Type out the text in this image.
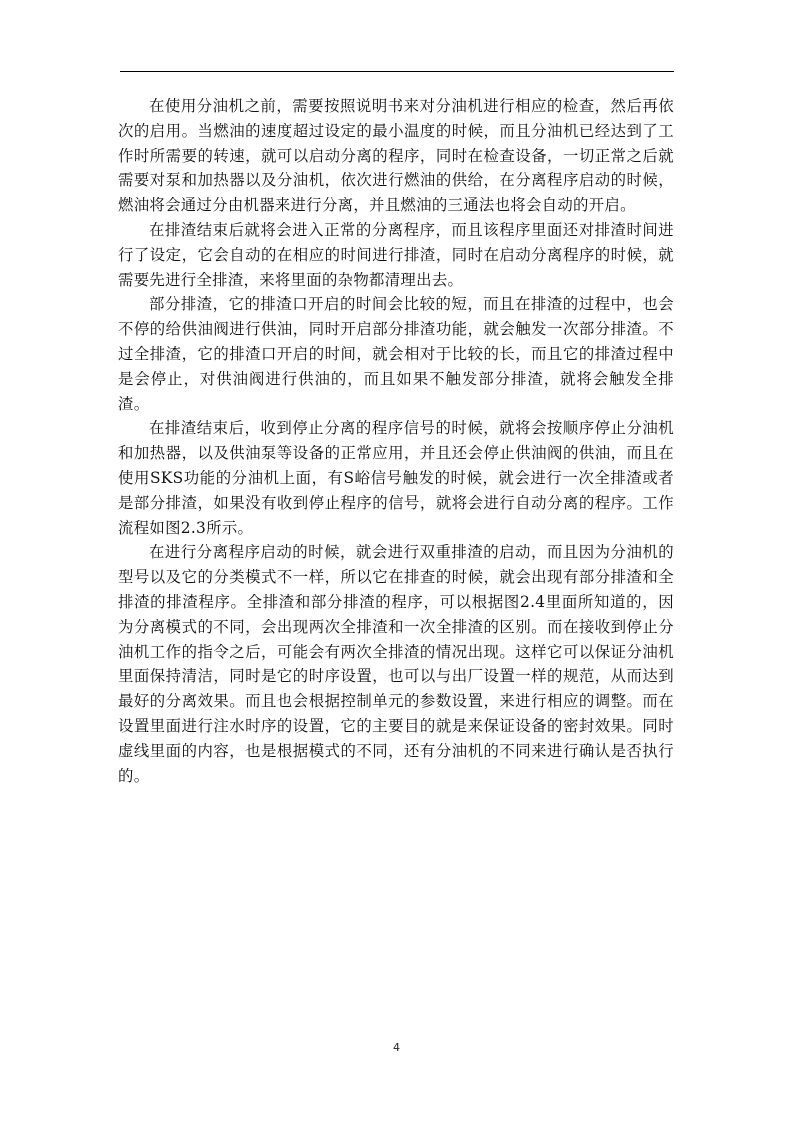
在使用分油机之前，需要按照说明书来对分油机进行相应的检查，然后再依次的启用。当燃油的速度超过设定的最小温度的时候，而且分油机已经达到了工作时所需要的转速，就可以启动分离的程序，同时在检查设备，一切正常之后就需要对泵和加热器以及分油机，依次进行燃油的供给，在分离程序启动的时候，燃油将会通过分由机器来进行分离，并且燃油的三通法也将会自动的开启。

在排渣结束后就将会进入正常的分离程序，而且该程序里面还对排渣时间进行了设定，它会自动的在相应的时间进行排渣，同时在启动分离程序的时候，就需要先进行全排渣，来将里面的杂物都清理出去。

部分排渣，它的排渣口开启的时间会比较的短，而且在排渣的过程中，也会不停的给供油阀进行供油，同时开启部分排渣功能，就会触发一次部分排渣。不过全排渣，它的排渣口开启的时间，就会相对于比较的长，而且它的排渣过程中是会停止，对供油阀进行供油的，而且如果不触发部分排渣，就将会触发全排渣。

在排渣结束后，收到停止分离的程序信号的时候，就将会按顺序停止分油机和加热器，以及供油泵等设备的正常应用，并且还会停止供油阀的供油，而且在使用SKS功能的分油机上面，有S峪信号触发的时候，就会进行一次全排渣或者是部分排渣，如果没有收到停止程序的信号，就将会进行自动分离的程序。工作流程如图2.3所示。

在进行分离程序启动的时候，就会进行双重排渣的启动，而且因为分油机的型号以及它的分类模式不一样，所以它在排查的时候，就会出现有部分排渣和全排渣的排渣程序。全排渣和部分排渣的程序，可以根据图2.4里面所知道的，因为分离模式的不同，会出现两次全排渣和一次全排渣的区别。而在接收到停止分油机工作的指令之后，可能会有两次全排渣的情况出现。这样它可以保证分油机里面保持清洁，同时是它的时序设置，也可以与出厂设置一样的规范，从而达到最好的分离效果。而且也会根据控制单元的参数设置，来进行相应的调整。而在设置里面进行注水时序的设置，它的主要目的就是来保证设备的密封效果。同时虚线里面的内容，也是根据模式的不同，还有分油机的不同来进行确认是否执行的。

4
